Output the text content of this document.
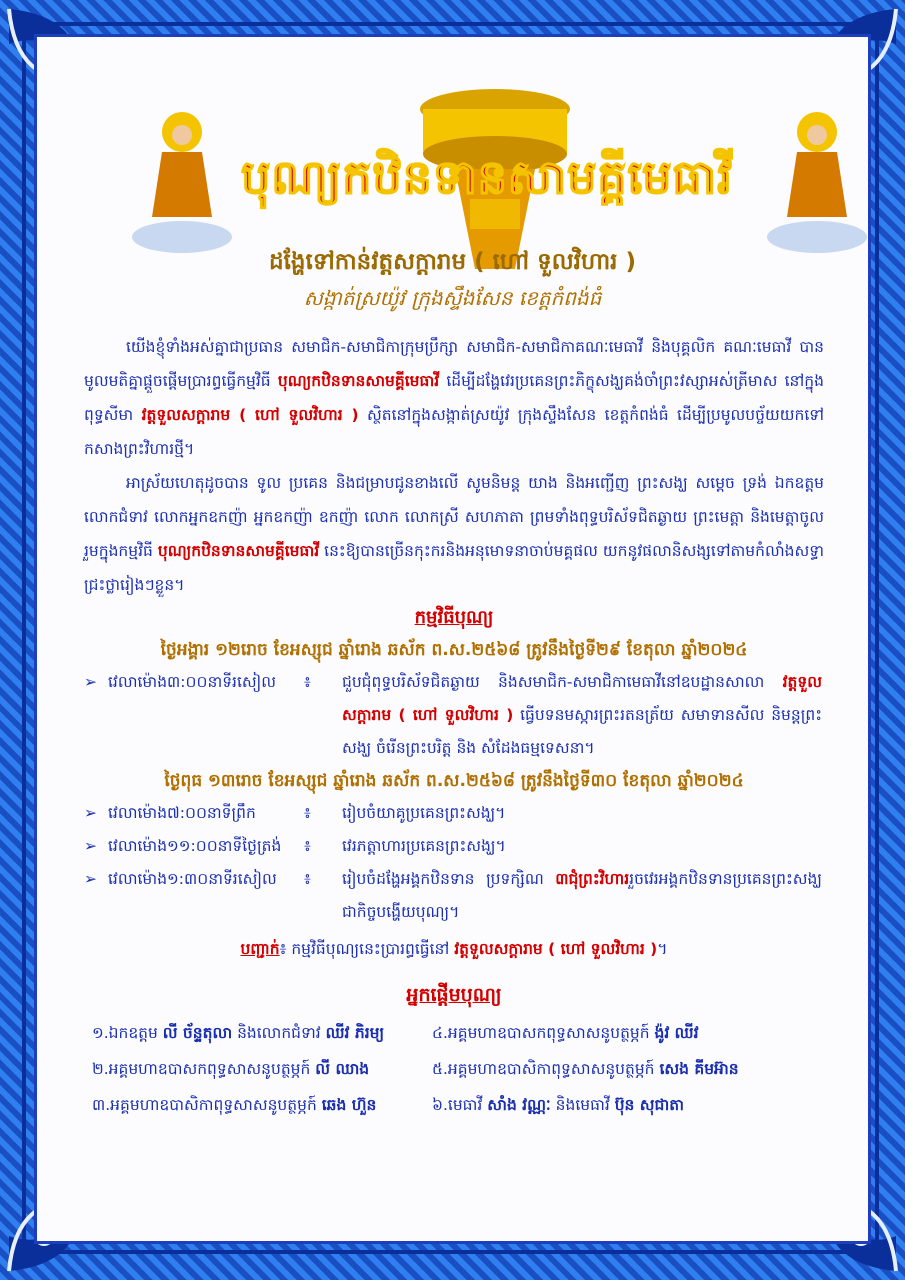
បុណ្យកឋិនទានសាមគ្គីមេធាវី
ដង្ហែទៅកាន់វត្តសក្តារាម ( ហៅ ទួលវិហារ )
សង្កាត់ស្រយ៉ូវ ក្រុងស្ទឹងសែន ខេត្តកំពង់ធំ

យើងខ្ញុំទាំងអស់គ្នាជាប្រធាន សមាជិក-សមាជិកាក្រុមប្រឹក្សា សមាជិក-សមាជិកាគណៈមេធាវី និងបុគ្គលិក គណៈមេធាវី បានមូលមតិគ្នាផ្តួចផ្តើមប្រារព្ធធ្វើកម្មវិធី បុណ្យកឋិនទានសាមគ្គីមេធាវី ដើម្បីដង្ហែវេរប្រគេនព្រះភិក្ខុសង្ឃគង់ចាំព្រះវស្សាអស់ត្រីមាស នៅក្នុងពុទ្ធសីមា វត្តទួលសក្តារាម ( ហៅ ទួលវិហារ ) ស្ថិតនៅក្នុងសង្កាត់ស្រយ៉ូវ ក្រុងស្ទឹងសែន ខេត្តកំពង់ធំ ដើម្បីប្រមូលបច្ច័យយកទៅកសាងព្រះវិហារថ្មី។

អាស្រ័យហេតុដូចបាន ទូល ប្រគេន និងជម្រាបជូនខាងលើ សូមនិមន្ត យាង និងអញ្ជើញ ព្រះសង្ឃ សម្តេច ទ្រង់ ឯកឧត្តម លោកជំទាវ លោកអ្នកឧកញ៉ា អ្នកឧកញ៉ា ឧកញ៉ា លោក លោកស្រី សហភាតា ព្រមទាំងពុទ្ធបរិស័ទជិតឆ្ងាយ ព្រះមេត្តា និងមេត្តាចូលរួមក្នុងកម្មវិធី បុណ្យកឋិនទានសាមគ្គីមេធាវី នេះឱ្យបានច្រើនកុះករនិងអនុមោទនាចាប់មគ្គផល យកនូវផលានិសង្សទៅតាមកំលាំងសទ្ធាជ្រះថ្លារៀងៗខ្លួន។

កម្មវិធីបុណ្យ
ថ្ងៃអង្គារ ១២រោច ខែអស្សុជ ឆ្នាំរោង ឆស័ក ព.ស.២៥៦៨ ត្រូវនឹងថ្ងៃទី២៩ ខែតុលា ឆ្នាំ២០២៤
➢ វេលាម៉ោង៣:០០នាទីរសៀល	៖	ជួបជុំពុទ្ធបរិស័ទជិតឆ្ងាយ និងសមាជិក-សមាជិកាមេធាវីនៅឧបដ្ឋានសាលា វត្តទួលសក្តារាម ( ហៅ ទួលវិហារ ) ធ្វើបទនមស្ការព្រះរតនត្រ័យ សមាទានសីល និមន្តព្រះសង្ឃ ចំរើនព្រះបរិត្ត និង សំដែងធម្មទេសនា។
ថ្ងៃពុធ ១៣រោច ខែអស្សុជ ឆ្នាំរោង ឆស័ក ព.ស.២៥៦៨ ត្រូវនឹងថ្ងៃទី៣០ ខែតុលា ឆ្នាំ២០២៤
➢ វេលាម៉ោង៧:០០នាទីព្រឹក	៖	រៀបចំយាគូប្រគេនព្រះសង្ឃ។
➢ វេលាម៉ោង១១:០០នាទីថ្ងៃត្រង់	៖	វេរភត្តាហារប្រគេនព្រះសង្ឃ។
➢ វេលាម៉ោង១:៣០នាទីរសៀល	៖	រៀបចំដង្ហែអង្គកឋិនទាន ប្រទក្សិណ ៣ជុំព្រះវិហាររួចវេរអង្គកឋិនទានប្រគេនព្រះសង្ឃ ជាកិច្ចបង្ហើយបុណ្យ។
បញ្ជាក់៖ កម្មវិធីបុណ្យនេះប្រារព្ធធ្វើនៅ វត្តទួលសក្តារាម ( ហៅ ទួលវិហារ )។
អ្នកផ្តើមបុណ្យ
១.ឯកឧត្តម លី ច័ន្ទតុលា និងលោកជំទាវ ឈីវ ភិរម្យ	៤.អគ្គមហាឧបាសកពុទ្ធសាសនូបត្ថម្ភក៍ ង៉ូវ ឈីវ
២.អគ្គមហាឧបាសកពុទ្ធសាសនូបត្ថម្ភក៍ លី ឈាង	៥.អគ្គមហាឧបាសិកាពុទ្ធសាសនូបត្ថម្ភក៍ សេង គីមអ៊ាន
៣.អគ្គមហាឧបាសិកាពុទ្ធសាសនូបត្ថម្ភក៍ ឆេង ហ៊ួន	៦.មេធាវី សាំង វណ្ណៈ និងមេធាវី ប៊ុន សុជាតា
